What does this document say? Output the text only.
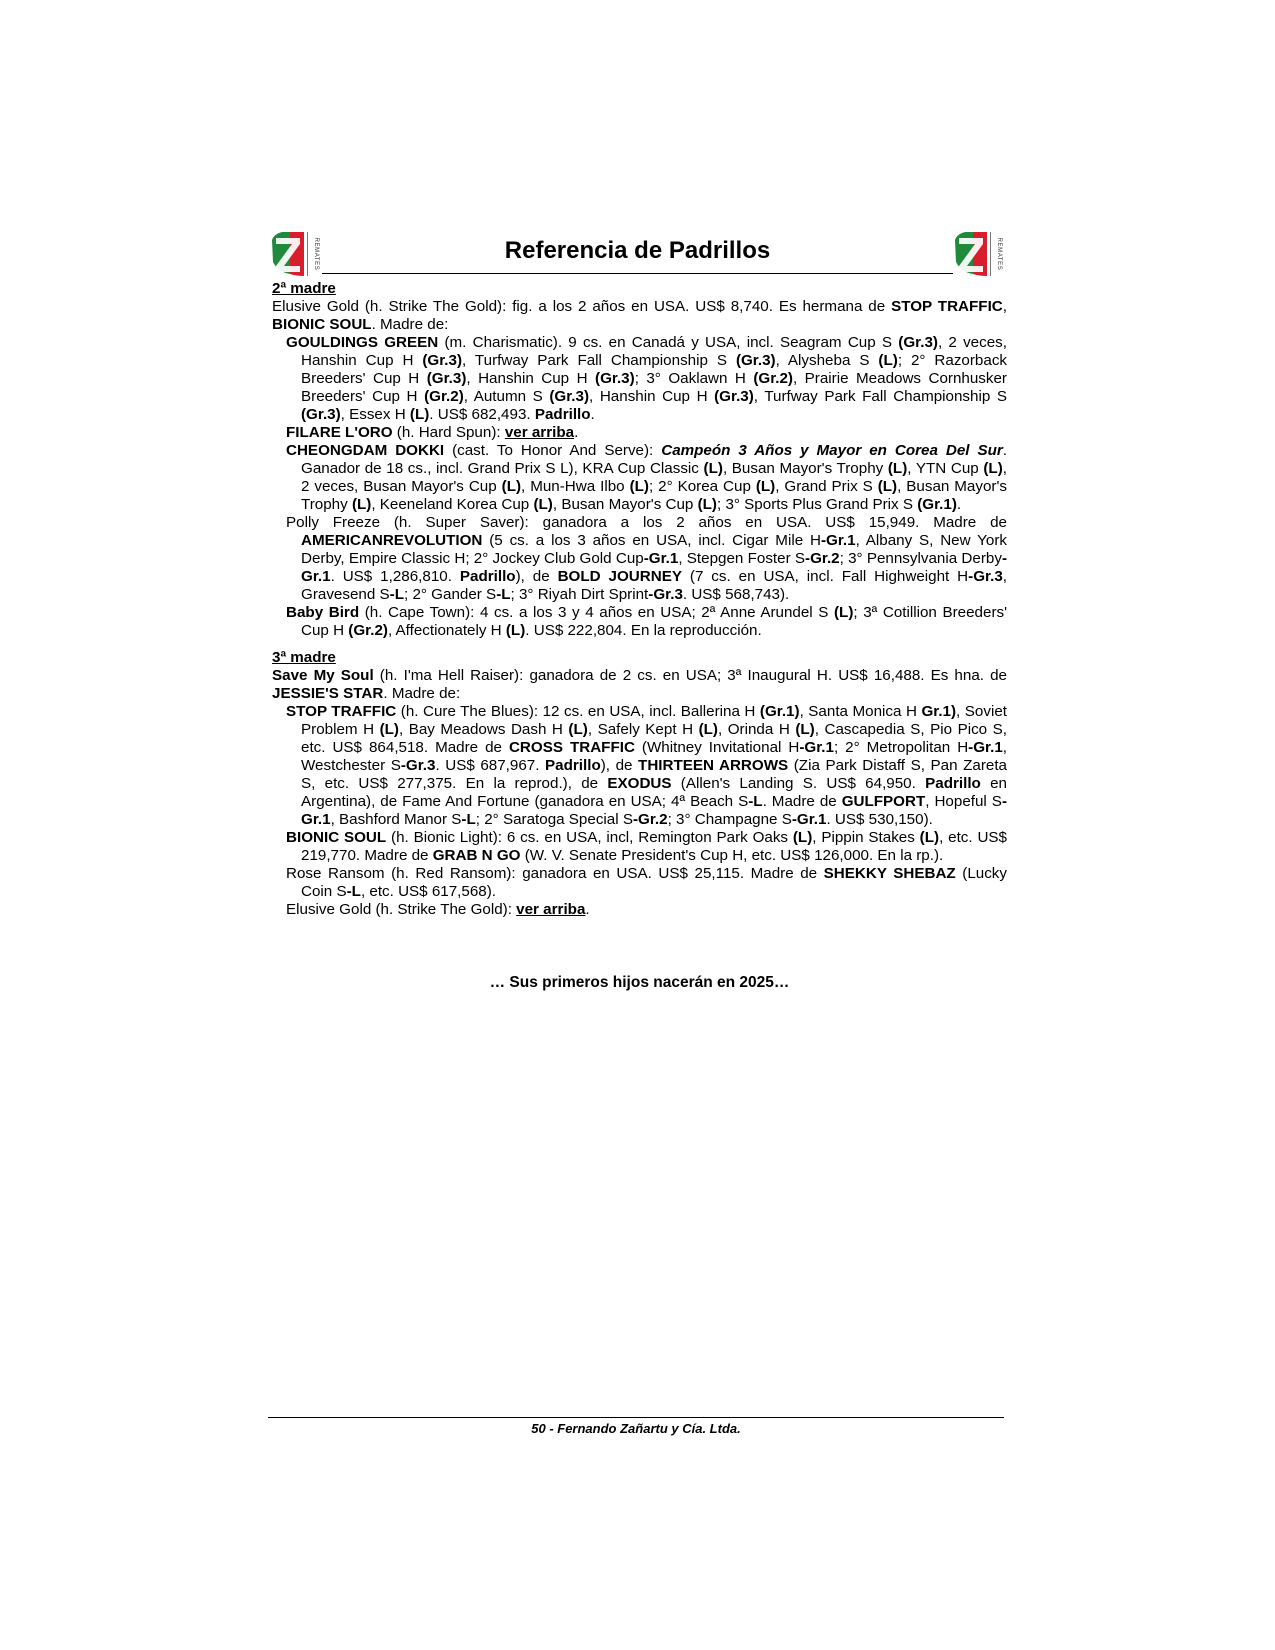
REMATES	Referencia de Padrillos	REMATES

2ª madre

Elusive Gold (h. Strike The Gold): fig. a los 2 años en USA. US$ 8,740. Es hermana de STOP TRAFFIC, BIONIC SOUL. Madre de:

GOULDINGS GREEN (m. Charismatic). 9 cs. en Canadá y USA, incl. Seagram Cup S (Gr.3), 2 veces, Hanshin Cup H (Gr.3), Turfway Park Fall Championship S (Gr.3), Alysheba S (L); 2° Razorback Breeders' Cup H (Gr.3), Hanshin Cup H (Gr.3); 3° Oaklawn H (Gr.2), Prairie Meadows Cornhusker Breeders' Cup H (Gr.2), Autumn S (Gr.3), Hanshin Cup H (Gr.3), Turfway Park Fall Championship S (Gr.3), Essex H (L). US$ 682,493. Padrillo.

FILARE L'ORO (h. Hard Spun): ver arriba.

CHEONGDAM DOKKI (cast. To Honor And Serve): Campeón 3 Años y Mayor en Corea Del Sur. Ganador de 18 cs., incl. Grand Prix S L), KRA Cup Classic (L), Busan Mayor's Trophy (L), YTN Cup (L), 2 veces, Busan Mayor's Cup (L), Mun-Hwa Ilbo (L); 2° Korea Cup (L), Grand Prix S (L), Busan Mayor's Trophy (L), Keeneland Korea Cup (L), Busan Mayor's Cup (L); 3° Sports Plus Grand Prix S (Gr.1).

Polly Freeze (h. Super Saver): ganadora a los 2 años en USA. US$ 15,949. Madre de AMERICANREVOLUTION (5 cs. a los 3 años en USA, incl. Cigar Mile H-Gr.1, Albany S, New York Derby, Empire Classic H; 2° Jockey Club Gold Cup-Gr.1, Stepgen Foster S-Gr.2; 3° Pennsylvania Derby-Gr.1. US$ 1,286,810. Padrillo), de BOLD JOURNEY (7 cs. en USA, incl. Fall Highweight H-Gr.3, Gravesend S-L; 2° Gander S-L; 3° Riyah Dirt Sprint-Gr.3. US$ 568,743).

Baby Bird (h. Cape Town): 4 cs. a los 3 y 4 años en USA; 2ª Anne Arundel S (L); 3ª Cotillion Breeders' Cup H (Gr.2), Affectionately H (L). US$ 222,804. En la reproducción.

3ª madre

Save My Soul (h. I'ma Hell Raiser): ganadora de 2 cs. en USA; 3ª Inaugural H. US$ 16,488. Es hna. de JESSIE'S STAR. Madre de:

STOP TRAFFIC (h. Cure The Blues): 12 cs. en USA, incl. Ballerina H (Gr.1), Santa Monica H Gr.1), Soviet Problem H (L), Bay Meadows Dash H (L), Safely Kept H (L), Orinda H (L), Cascapedia S, Pio Pico S, etc. US$ 864,518. Madre de CROSS TRAFFIC (Whitney Invitational H-Gr.1; 2° Metropolitan H-Gr.1, Westchester S-Gr.3. US$ 687,967. Padrillo), de THIRTEEN ARROWS (Zia Park Distaff S, Pan Zareta S, etc. US$ 277,375. En la reprod.), de EXODUS (Allen's Landing S. US$ 64,950. Padrillo en Argentina), de Fame And Fortune (ganadora en USA; 4ª Beach S-L. Madre de GULFPORT, Hopeful S-Gr.1, Bashford Manor S-L; 2° Saratoga Special S-Gr.2; 3° Champagne S-Gr.1. US$ 530,150).

BIONIC SOUL (h. Bionic Light): 6 cs. en USA, incl, Remington Park Oaks (L), Pippin Stakes (L), etc. US$ 219,770. Madre de GRAB N GO (W. V. Senate President's Cup H, etc. US$ 126,000. En la rp.).

Rose Ransom (h. Red Ransom): ganadora en USA. US$ 25,115. Madre de SHEKKY SHEBAZ (Lucky Coin S-L, etc. US$ 617,568).

Elusive Gold (h. Strike The Gold): ver arriba.

… Sus primeros hijos nacerán en 2025…
50 - Fernando Zañartu y Cía. Ltda.
